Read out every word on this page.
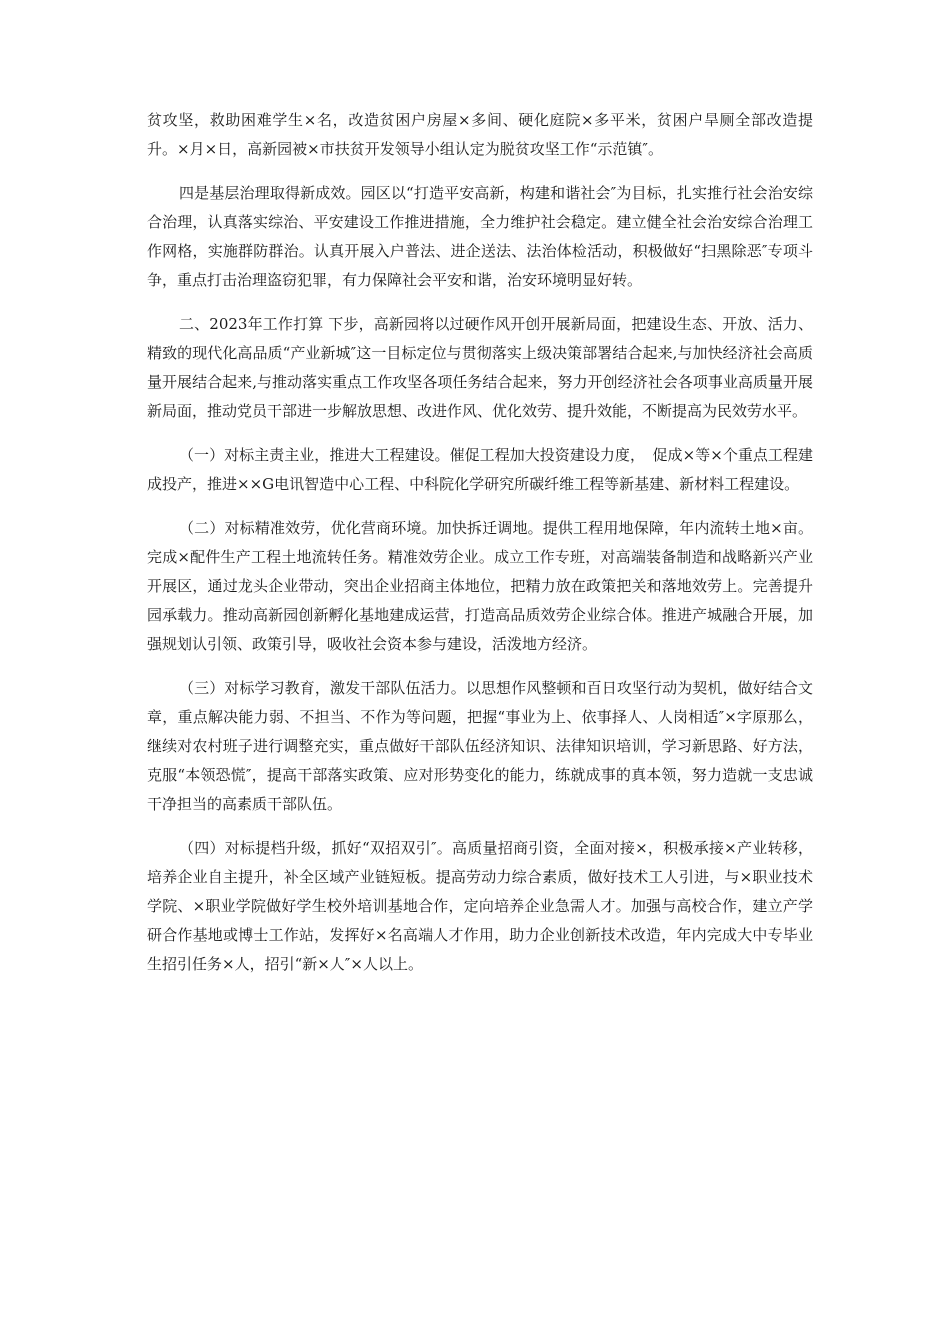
贫攻坚，救助困难学生×名，改造贫困户房屋×多间、硬化庭院×多平米，贫困户旱厕全部改造提升。×月×日，高新园被×市扶贫开发领导小组认定为脱贫攻坚工作“示范镇″。

四是基层治理取得新成效。园区以“打造平安高新，构建和谐社会″为目标，扎实推行社会治安综合治理，认真落实综治、平安建设工作推进措施，全力维护社会稳定。建立健全社会治安综合治理工作网格，实施群防群治。认真开展入户普法、进企送法、法治体检活动，积极做好“扫黑除恶″专项斗争，重点打击治理盗窃犯罪，有力保障社会平安和谐，治安环境明显好转。

二、2023年工作打算 下步，高新园将以过硬作风开创开展新局面，把建设生态、开放、活力、精致的现代化高品质“产业新城″这一目标定位与贯彻落实上级决策部署结合起来,与加快经济社会高质量开展结合起来,与推动落实重点工作攻坚各项任务结合起来，努力开创经济社会各项事业高质量开展新局面，推动党员干部进一步解放思想、改进作风、优化效劳、提升效能，不断提高为民效劳水平。

（一）对标主责主业，推进大工程建设。催促工程加大投资建设力度，　促成×等×个重点工程建成投产，推进××G电讯智造中心工程、中科院化学研究所碳纤维工程等新基建、新材料工程建设。

（二）对标精准效劳，优化营商环境。加快拆迁调地。提供工程用地保障，年内流转土地×亩。完成×配件生产工程土地流转任务。精准效劳企业。成立工作专班，对高端装备制造和战略新兴产业开展区，通过龙头企业带动，突出企业招商主体地位，把精力放在政策把关和落地效劳上。完善提升园承载力。推动高新园创新孵化基地建成运营，打造高品质效劳企业综合体。推进产城融合开展，加强规划认引领、政策引导，吸收社会资本参与建设，活泼地方经济。

（三）对标学习教育，激发干部队伍活力。以思想作风整顿和百日攻坚行动为契机，做好结合文章，重点解决能力弱、不担当、不作为等问题，把握“事业为上、依事择人、人岗相适″×字原那么，继续对农村班子进行调整充实，重点做好干部队伍经济知识、法律知识培训，学习新思路、好方法，克服“本领恐慌″，提高干部落实政策、应对形势变化的能力，练就成事的真本领，努力造就一支忠诚干净担当的高素质干部队伍。

（四）对标提档升级，抓好“双招双引″。高质量招商引资，全面对接×，积极承接×产业转移，培养企业自主提升，补全区域产业链短板。提高劳动力综合素质，做好技术工人引进，与×职业技术学院、×职业学院做好学生校外培训基地合作，定向培养企业急需人才。加强与高校合作，建立产学研合作基地或博士工作站，发挥好×名高端人才作用，助力企业创新技术改造，年内完成大中专毕业生招引任务×人，招引“新×人″×人以上。
